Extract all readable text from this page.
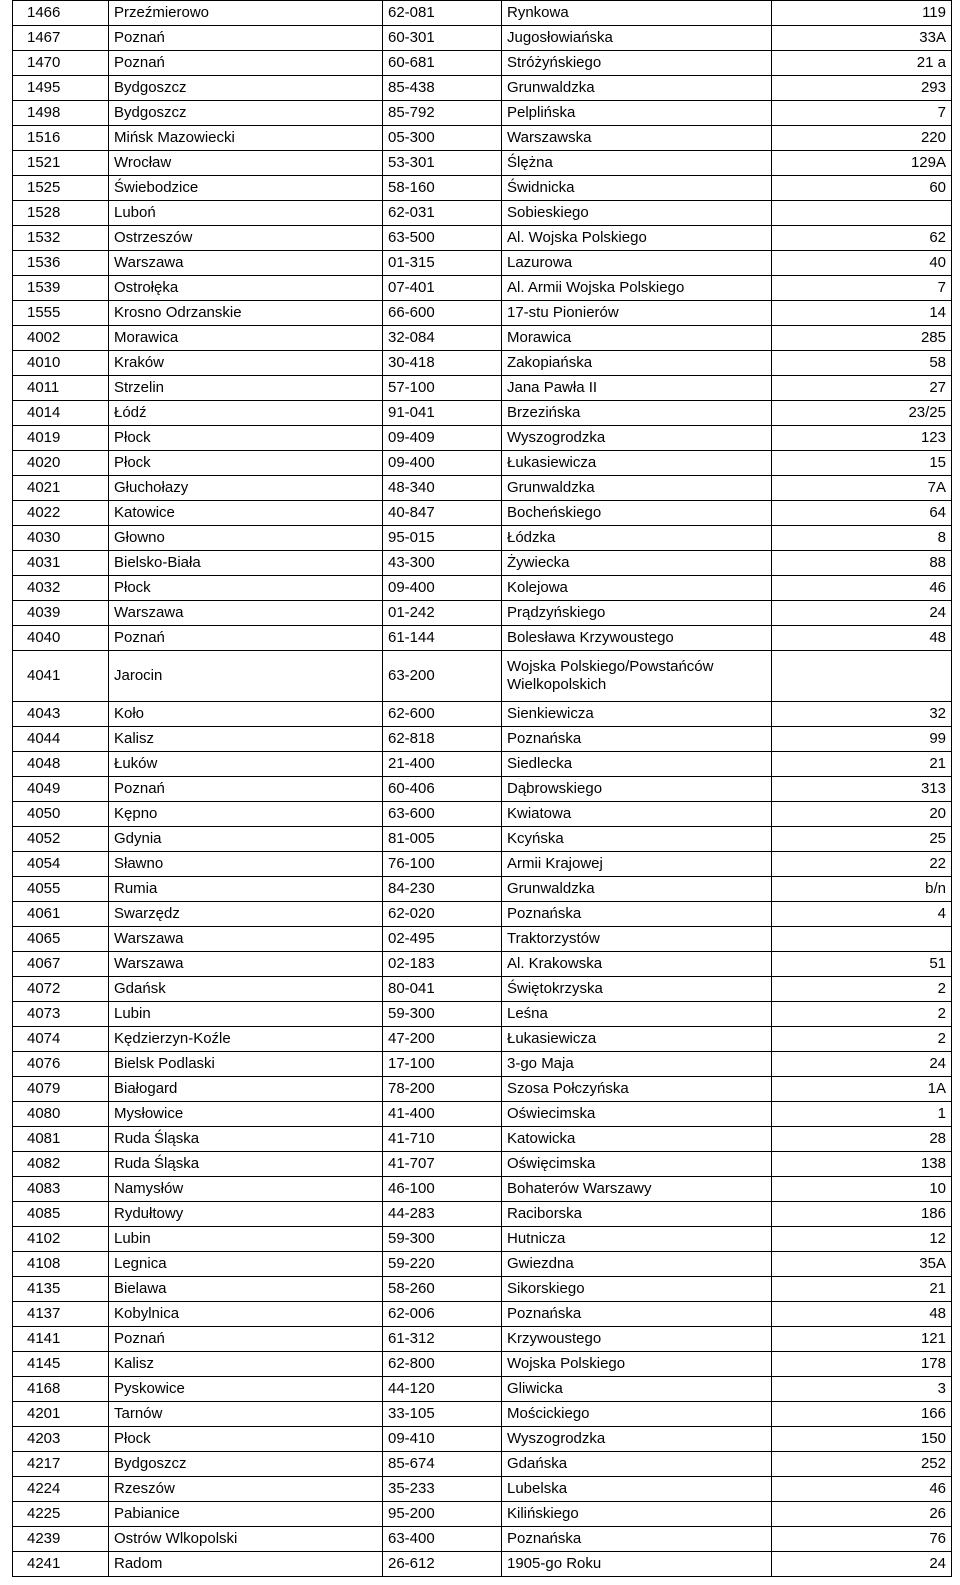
1466	Przeźmierowo	62-081	Rynkowa	119
1467	Poznań	60-301	Jugosłowiańska	33A
1470	Poznań	60-681	Stróżyńskiego	21 a
1495	Bydgoszcz	85-438	Grunwaldzka	293
1498	Bydgoszcz	85-792	Pelplińska	7
1516	Mińsk Mazowiecki	05-300	Warszawska	220
1521	Wrocław	53-301	Ślężna	129A
1525	Świebodzice	58-160	Świdnicka	60
1528	Luboń	62-031	Sobieskiego	
1532	Ostrzeszów	63-500	Al. Wojska Polskiego	62
1536	Warszawa	01-315	Lazurowa	40
1539	Ostrołęka	07-401	Al. Armii Wojska Polskiego	7
1555	Krosno Odrzanskie	66-600	17-stu Pionierów	14
4002	Morawica	32-084	Morawica	285
4010	Kraków	30-418	Zakopiańska	58
4011	Strzelin	57-100	Jana Pawła II	27
4014	Łódź	91-041	Brzezińska	23/25
4019	Płock	09-409	Wyszogrodzka	123
4020	Płock	09-400	Łukasiewicza	15
4021	Głuchołazy	48-340	Grunwaldzka	7A
4022	Katowice	40-847	Bocheńskiego	64
4030	Głowno	95-015	Łódzka	8
4031	Bielsko-Biała	43-300	Żywiecka	88
4032	Płock	09-400	Kolejowa	46
4039	Warszawa	01-242	Prądzyńskiego	24
4040	Poznań	61-144	Bolesława Krzywoustego	48
4041	Jarocin	63-200	Wojska Polskiego/Powstańców Wielkopolskich	
4043	Koło	62-600	Sienkiewicza	32
4044	Kalisz	62-818	Poznańska	99
4048	Łuków	21-400	Siedlecka	21
4049	Poznań	60-406	Dąbrowskiego	313
4050	Kępno	63-600	Kwiatowa	20
4052	Gdynia	81-005	Kcyńska	25
4054	Sławno	76-100	Armii Krajowej	22
4055	Rumia	84-230	Grunwaldzka	b/n
4061	Swarzędz	62-020	Poznańska	4
4065	Warszawa	02-495	Traktorzystów	
4067	Warszawa	02-183	Al. Krakowska	51
4072	Gdańsk	80-041	Świętokrzyska	2
4073	Lubin	59-300	Leśna	2
4074	Kędzierzyn-Koźle	47-200	Łukasiewicza	2
4076	Bielsk Podlaski	17-100	3-go Maja	24
4079	Białogard	78-200	Szosa Połczyńska	1A
4080	Mysłowice	41-400	Oświecimska	1
4081	Ruda Śląska	41-710	Katowicka	28
4082	Ruda Śląska	41-707	Oświęcimska	138
4083	Namysłów	46-100	Bohaterów Warszawy	10
4085	Rydułtowy	44-283	Raciborska	186
4102	Lubin	59-300	Hutnicza	12
4108	Legnica	59-220	Gwiezdna	35A
4135	Bielawa	58-260	Sikorskiego	21
4137	Kobylnica	62-006	Poznańska	48
4141	Poznań	61-312	Krzywoustego	121
4145	Kalisz	62-800	Wojska Polskiego	178
4168	Pyskowice	44-120	Gliwicka	3
4201	Tarnów	33-105	Mościckiego	166
4203	Płock	09-410	Wyszogrodzka	150
4217	Bydgoszcz	85-674	Gdańska	252
4224	Rzeszów	35-233	Lubelska	46
4225	Pabianice	95-200	Kilińskiego	26
4239	Ostrów Wlkopolski	63-400	Poznańska	76
4241	Radom	26-612	1905-go Roku	24
